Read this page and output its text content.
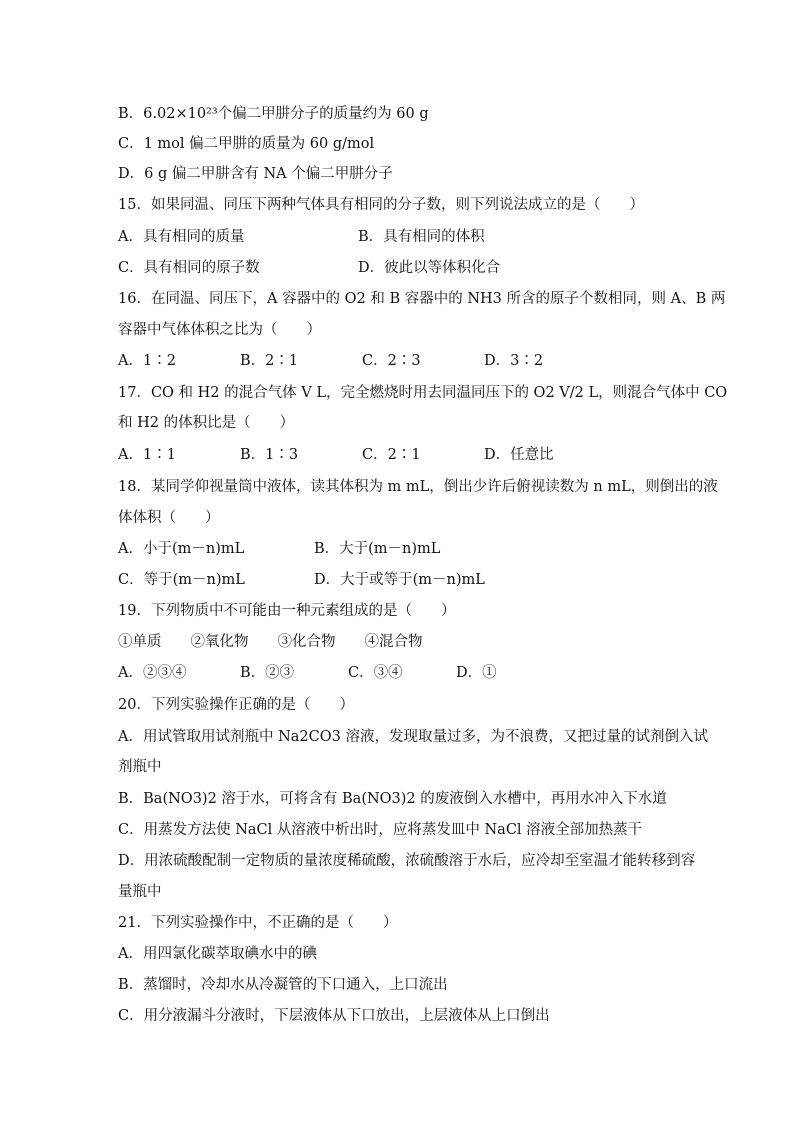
B．6.02×10²³个偏二甲肼分子的质量约为 60 g
C．1 mol 偏二甲肼的质量为 60 g/mol
D．6 g 偏二甲肼含有 NA 个偏二甲肼分子
15．如果同温、同压下两种气体具有相同的分子数，则下列说法成立的是（　　）
A．具有相同的质量	B．具有相同的体积
C．具有相同的原子数	D．彼此以等体积化合
16．在同温、同压下，A 容器中的 O2 和 B 容器中的 NH3 所含的原子个数相同，则 A、B 两
容器中气体体积之比为（　　）
A．1∶2	B．2∶1	C．2∶3	D．3∶2
17．CO 和 H2 的混合气体 V L，完全燃烧时用去同温同压下的 O2 V/2 L，则混合气体中 CO
和 H2 的体积比是（　　）
A．1∶1	B．1∶3	C．2∶1	D．任意比
18．某同学仰视量筒中液体，读其体积为 m mL，倒出少许后俯视读数为 n mL，则倒出的液
体体积（　　）
A．小于(m－n)mL	B．大于(m－n)mL
C．等于(m－n)mL	D．大于或等于(m－n)mL
19．下列物质中不可能由一种元素组成的是（　　）
①单质　　②氧化物　　③化合物　　④混合物
A．②③④	B．②③	C．③④	D．①
20．下列实验操作正确的是（　　）
A．用试管取用试剂瓶中 Na2CO3 溶液，发现取量过多，为不浪费，又把过量的试剂倒入试
剂瓶中
B．Ba(NO3)2 溶于水，可将含有 Ba(NO3)2 的废液倒入水槽中，再用水冲入下水道
C．用蒸发方法使 NaCl 从溶液中析出时，应将蒸发皿中 NaCl 溶液全部加热蒸干
D．用浓硫酸配制一定物质的量浓度稀硫酸，浓硫酸溶于水后，应冷却至室温才能转移到容
量瓶中
21．下列实验操作中，不正确的是（　　）
A．用四氯化碳萃取碘水中的碘
B．蒸馏时，冷却水从冷凝管的下口通入，上口流出
C．用分液漏斗分液时，下层液体从下口放出，上层液体从上口倒出
